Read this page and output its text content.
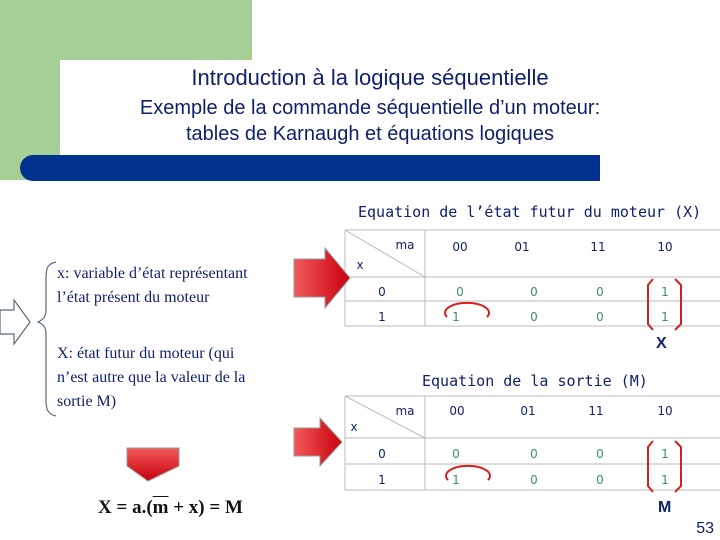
Introduction à la logique séquentielle
Exemple de la commande séquentielle d’un moteur:
tables de Karnaugh et équations logiques
x: variable d’état représentant
l’état présent du moteur
X: état futur du moteur (qui
n’est autre que la valeur de la
sortie M)
Equation de l’état futur du moteur (X)
ma
x
00	01	11	10
0	0	0	0	1
1	1	0	0	1
X
Equation de la sortie (M)
ma
x
00	01	11	10
0	0	0	0	1
1	1	0	0	1
M
$X = a.(\overline{m} + x) = M$
53
